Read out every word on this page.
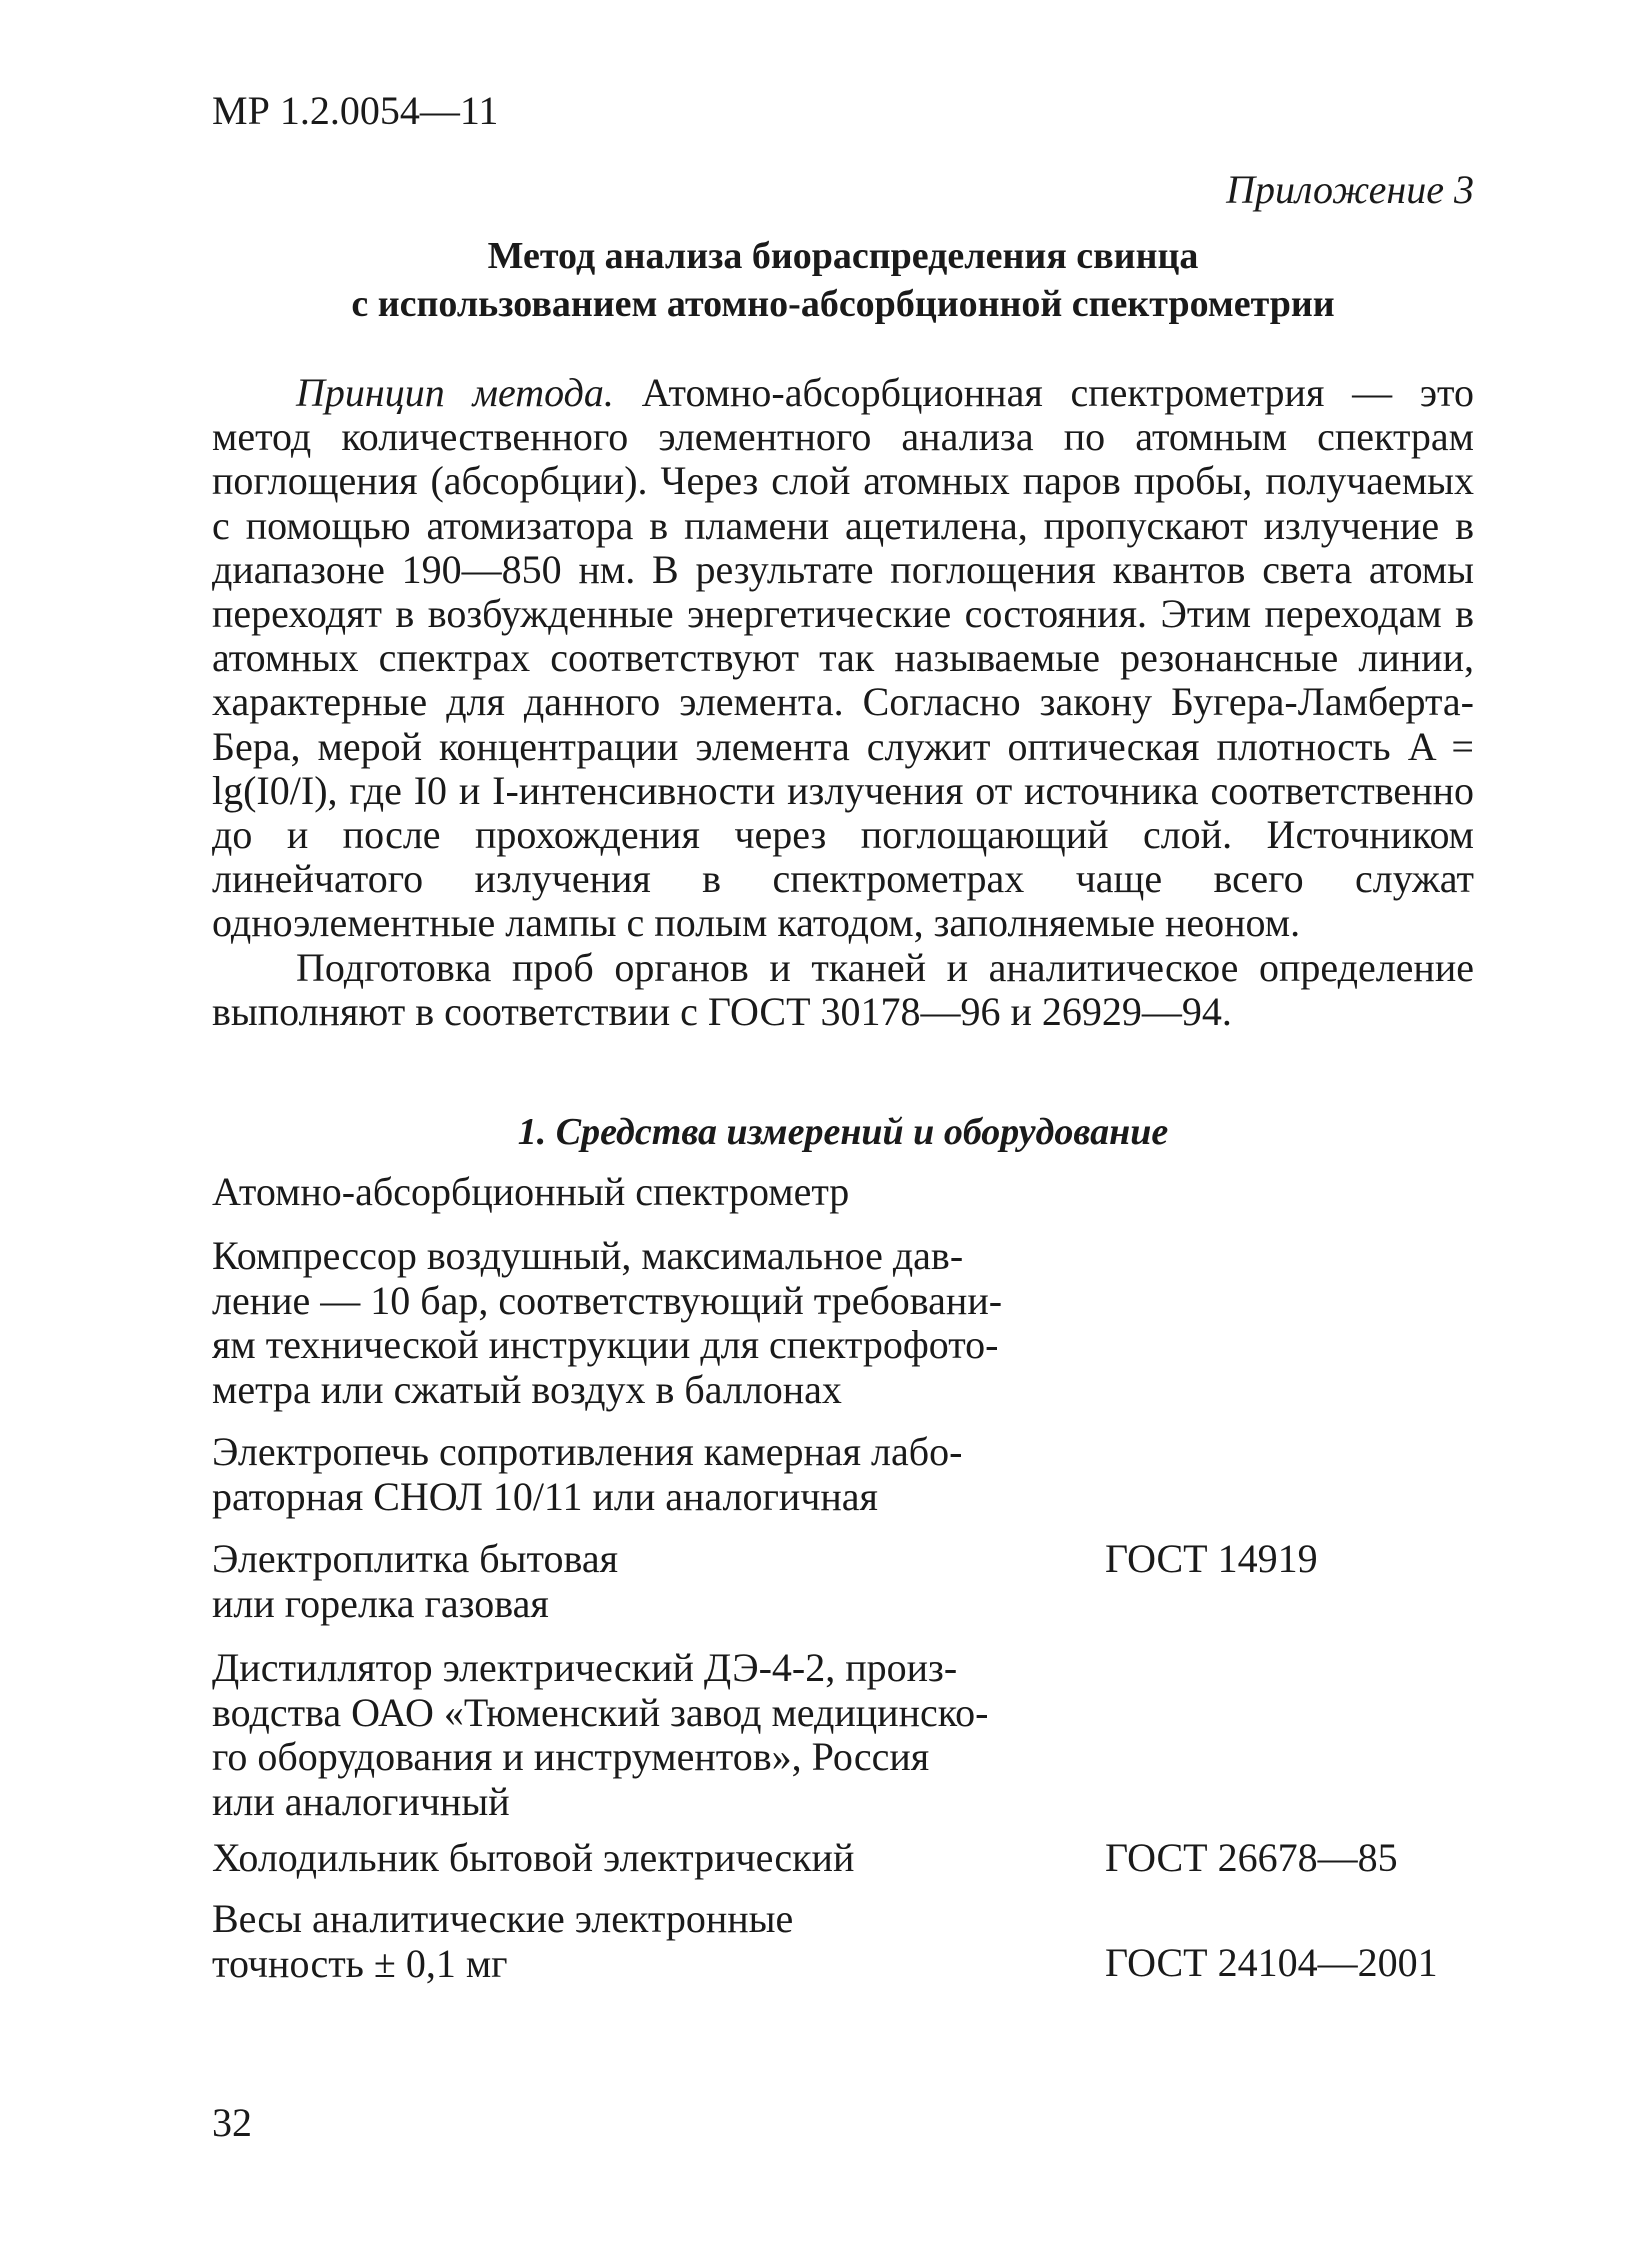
МР 1.2.0054—11
Приложение 3
Метод анализа биораспределения свинца
с использованием атомно-абсорбционной спектрометрии

Принцип метода. Атомно-абсорбционная спектрометрия — это метод количественного элементного анализа по атомным спектрам поглощения (абсорбции). Через слой атомных паров пробы, получаемых с помощью атомизатора в пламени ацетилена, пропускают излучение в диапазоне 190—850 нм. В результате поглощения квантов света атомы переходят в возбужденные энергетические состояния. Этим переходам в атомных спектрах соответствуют так называемые резонансные линии, характерные для данного элемента. Согласно закону Бугера-Ламберта-Бера, мерой концентрации элемента служит оптическая плотность A = lg(I0/I), где I0 и I-интенсивности излучения от источника соответственно до и после прохождения через поглощающий слой. Источником линейчатого излучения в спектрометрах чаще всего служат одноэлементные лампы с полым катодом, заполняемые неоном.

Подготовка проб органов и тканей и аналитическое определение выполняют в соответствии с ГОСТ 30178—96 и 26929—94.

1. Средства измерений и оборудование
Атомно-абсорбционный спектрометр
Компрессор воздушный, максимальное дав-
ление — 10 бар, соответствующий требовани-
ям технической инструкции для спектрофото-
метра или сжатый воздух в баллонах
Электропечь сопротивления камерная лабо-
раторная СНОЛ 10/11 или аналогичная
Электроплитка бытовая
или горелка газовая
ГОСТ 14919
Дистиллятор электрический ДЭ-4-2, произ-
водства ОАО «Тюменский завод медицинско-
го оборудования и инструментов», Россия
или аналогичный
Холодильник бытовой электрический	ГОСТ 26678—85
Весы аналитические электронные
точность ± 0,1 мг	ГОСТ 24104—2001
32
